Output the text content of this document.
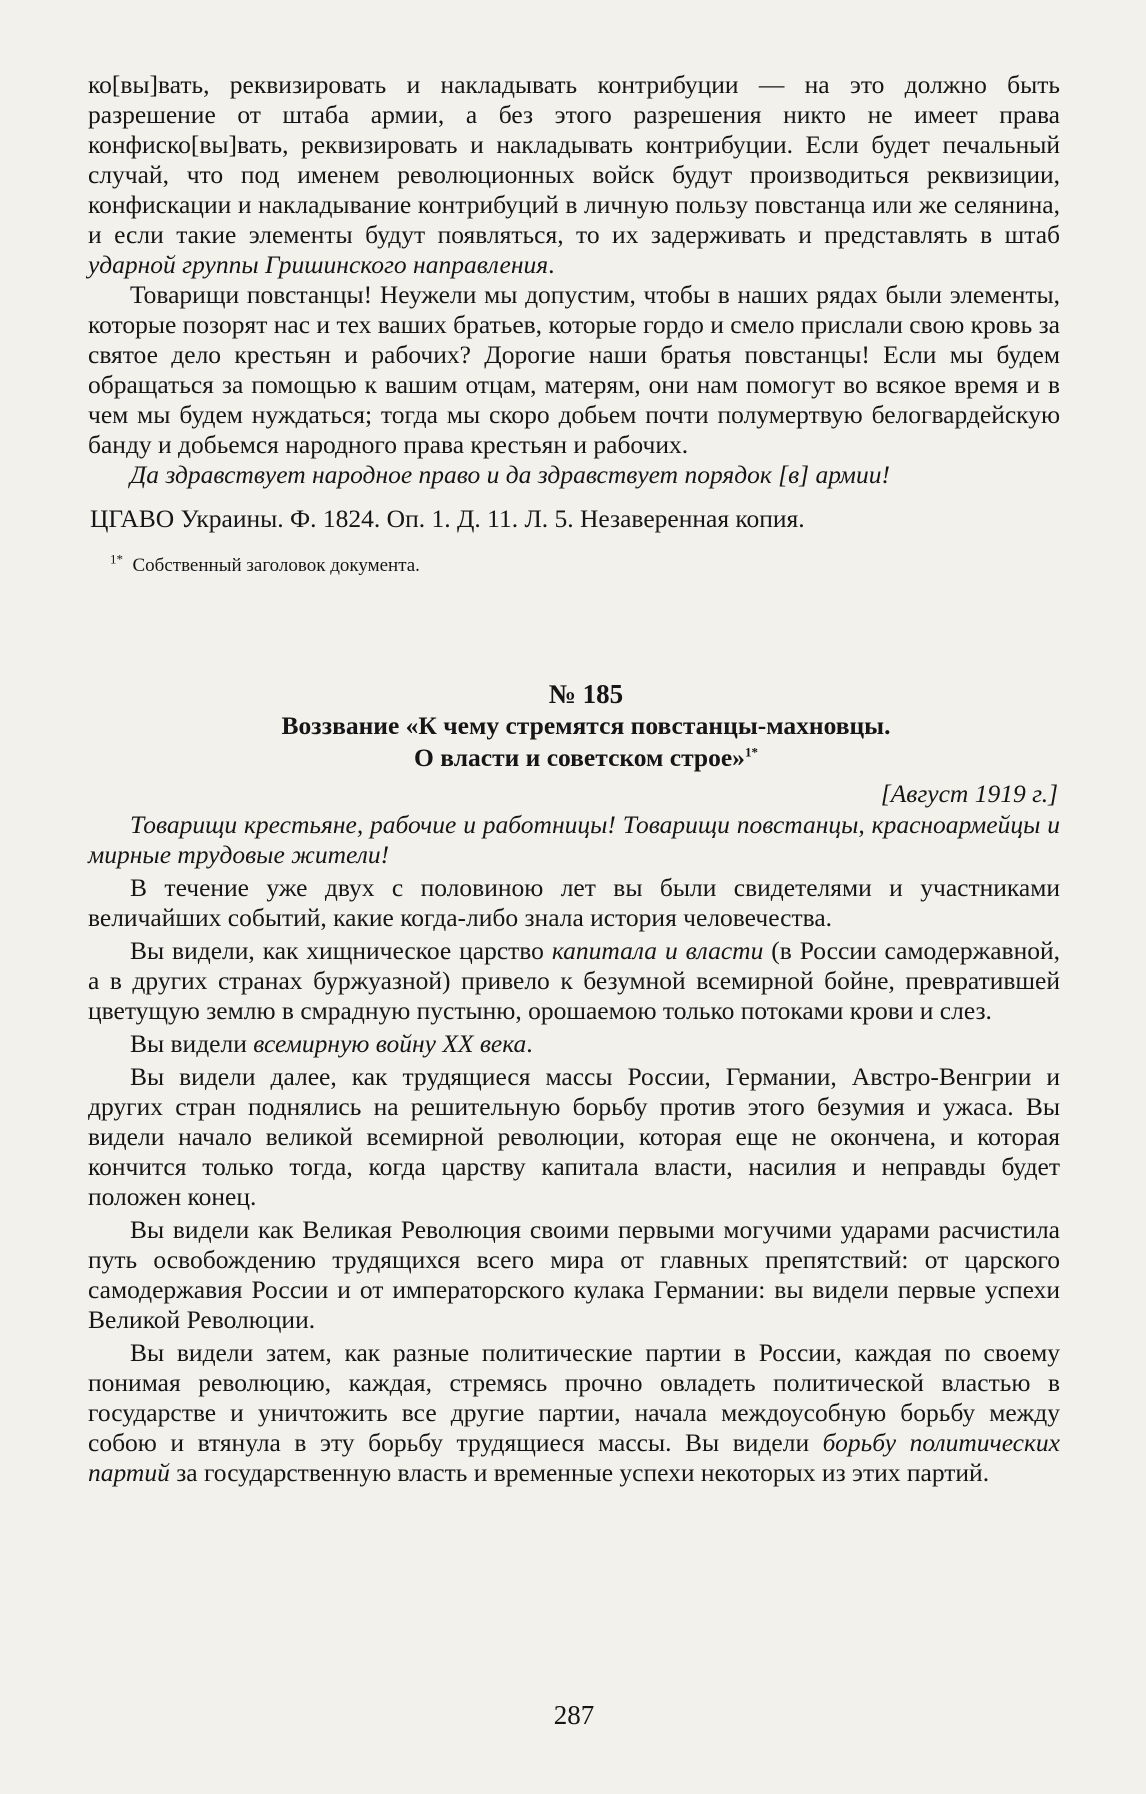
ко[вы]вать, реквизировать и накладывать контрибуции — на это должно быть разрешение от штаба армии, а без этого разрешения никто не имеет права конфиско[вы]вать, реквизировать и накладывать контрибуции. Если будет печальный случай, что под именем революционных войск будут производиться реквизиции, конфискации и накладывание контрибуций в личную пользу повстанца или же селянина, и если такие элементы будут появляться, то их задерживать и представлять в штаб ударной группы Гришинского направления.

Товарищи повстанцы! Неужели мы допустим, чтобы в наших рядах были элементы, которые позорят нас и тех ваших братьев, которые гордо и смело прислали свою кровь за святое дело крестьян и рабочих? Дорогие наши братья повстанцы! Если мы будем обращаться за помощью к вашим отцам, матерям, они нам помогут во всякое время и в чем мы будем нуждаться; тогда мы скоро добьем почти полумертвую белогвардейскую банду и добьемся народного права крестьян и рабочих.

Да здравствует народное право и да здравствует порядок [в] армии!

ЦГАВО Украины. Ф. 1824. Оп. 1. Д. 11. Л. 5. Незаверенная копия.
$^{1*}$ Собственный заголовок документа.
№ 185
Воззвание «К чему стремятся повстанцы-махновцы.
О власти и советском строе»$^{1*}$
[Август 1919 г.]

Товарищи крестьяне, рабочие и работницы! Товарищи повстанцы, красноармейцы и мирные трудовые жители!

В течение уже двух с половиною лет вы были свидетелями и участниками величайших событий, какие когда-либо знала история человечества.

Вы видели, как хищническое царство капитала и власти (в России самодержавной, а в других странах буржуазной) привело к безумной всемирной бойне, превратившей цветущую землю в смрадную пустыню, орошаемою только потоками крови и слез.

Вы видели всемирную войну XX века.

Вы видели далее, как трудящиеся массы России, Германии, Австро-Венгрии и других стран поднялись на решительную борьбу против этого безумия и ужаса. Вы видели начало великой всемирной революции, которая еще не окончена, и которая кончится только тогда, когда царству капитала власти, насилия и неправды будет положен конец.

Вы видели как Великая Революция своими первыми могучими ударами расчистила путь освобождению трудящихся всего мира от главных препятствий: от царского самодержавия России и от императорского кулака Германии: вы видели первые успехи Великой Революции.

Вы видели затем, как разные политические партии в России, каждая по своему понимая революцию, каждая, стремясь прочно овладеть политической властью в государстве и уничтожить все другие партии, начала междоусобную борьбу между собою и втянула в эту борьбу трудящиеся массы. Вы видели борьбу политических партий за государственную власть и временные успехи некоторых из этих партий.

287
